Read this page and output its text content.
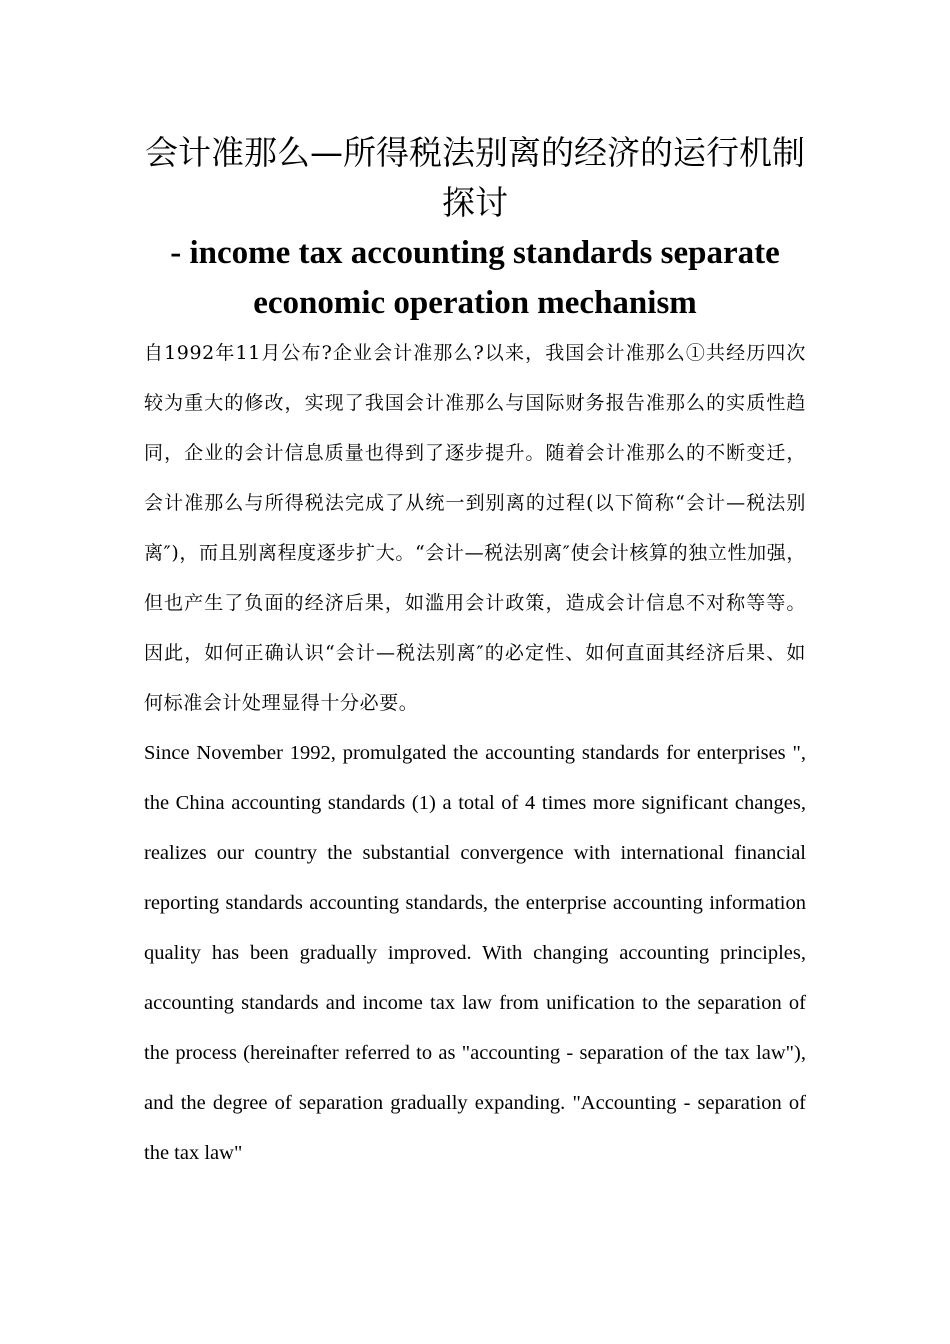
会计准那么—所得税法别离的经济的运行机制探讨
- income tax accounting standards separate economic operation mechanism

自1992年11月公布?企业会计准那么?以来，我国会计准那么①共经历四次较为重大的修改，实现了我国会计准那么与国际财务报告准那么的实质性趋同，企业的会计信息质量也得到了逐步提升。随着会计准那么的不断变迁，会计准那么与所得税法完成了从统一到别离的过程(以下简称“会计—税法别离″)，而且别离程度逐步扩大。“会计—税法别离″使会计核算的独立性加强，但也产生了负面的经济后果，如滥用会计政策，造成会计信息不对称等等。因此，如何正确认识“会计—税法别离″的必定性、如何直面其经济后果、如何标准会计处理显得十分必要。

Since November 1992, promulgated the accounting standards for enterprises ", the China accounting standards (1) a total of 4 times more significant changes, realizes our country the substantial convergence with international financial reporting standards accounting standards, the enterprise accounting information quality has been gradually improved. With changing accounting principles, accounting standards and income tax law from unification to the separation of the process (hereinafter referred to as "accounting - separation of the tax law"), and the degree of separation gradually expanding. "Accounting - separation of the tax law"
